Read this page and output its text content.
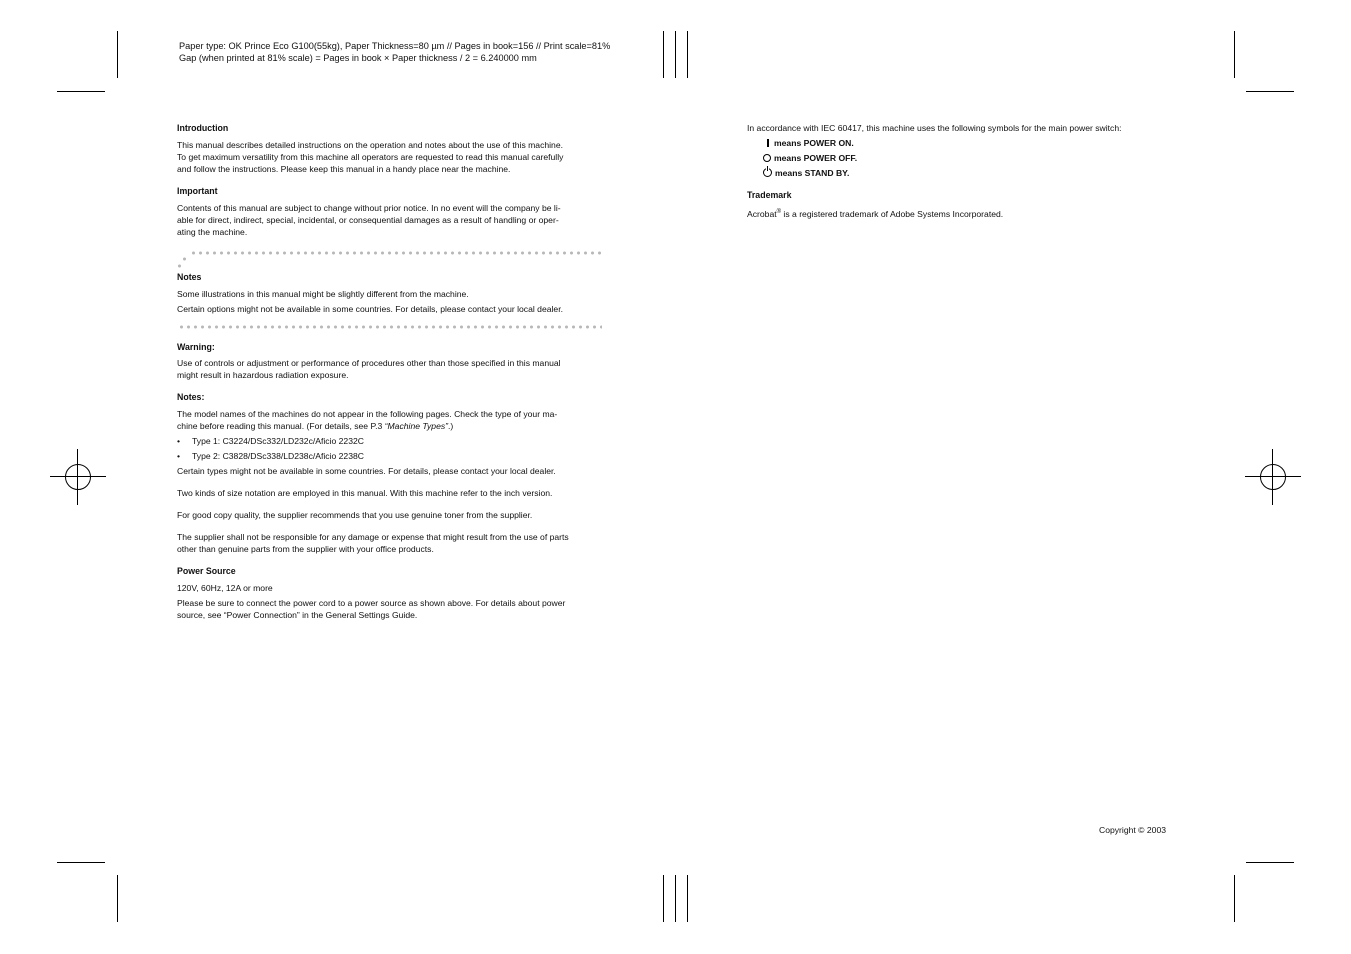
Paper type: OK Prince Eco G100(55kg), Paper Thickness=80 µm // Pages in book=156 // Print scale=81%
Gap (when printed at 81% scale) = Pages in book × Paper thickness / 2 = 6.240000 mm

Introduction

This manual describes detailed instructions on the operation and notes about the use of this machine.

To get maximum versatility from this machine all operators are requested to read this manual carefully

and follow the instructions. Please keep this manual in a handy place near the machine.

Important

Contents of this manual are subject to change without prior notice. In no event will the company be li-

able for direct, indirect, special, incidental, or consequential damages as a result of handling or oper-

ating the machine.

Notes

Some illustrations in this manual might be slightly different from the machine.

Certain options might not be available in some countries. For details, please contact your local dealer.

Warning:

Use of controls or adjustment or performance of procedures other than those specified in this manual

might result in hazardous radiation exposure.

Notes:

The model names of the machines do not appear in the following pages. Check the type of your ma-

chine before reading this manual. (For details, see P.3 “Machine Types”.)

• Type 1: C3224/DSc332/LD232c/Aficio 2232C

• Type 2: C3828/DSc338/LD238c/Aficio 2238C

Certain types might not be available in some countries. For details, please contact your local dealer.

Two kinds of size notation are employed in this manual. With this machine refer to the inch version.

For good copy quality, the supplier recommends that you use genuine toner from the supplier.

The supplier shall not be responsible for any damage or expense that might result from the use of parts

other than genuine parts from the supplier with your office products.

Power Source

120V, 60Hz, 12A or more

Please be sure to connect the power cord to a power source as shown above. For details about power

source, see “Power Connection” in the General Settings Guide.

In accordance with IEC 60417, this machine uses the following symbols for the main power switch:

means POWER ON.

means POWER OFF.

means STAND BY.

Trademark

Acrobat® is a registered trademark of Adobe Systems Incorporated.

Copyright © 2003
